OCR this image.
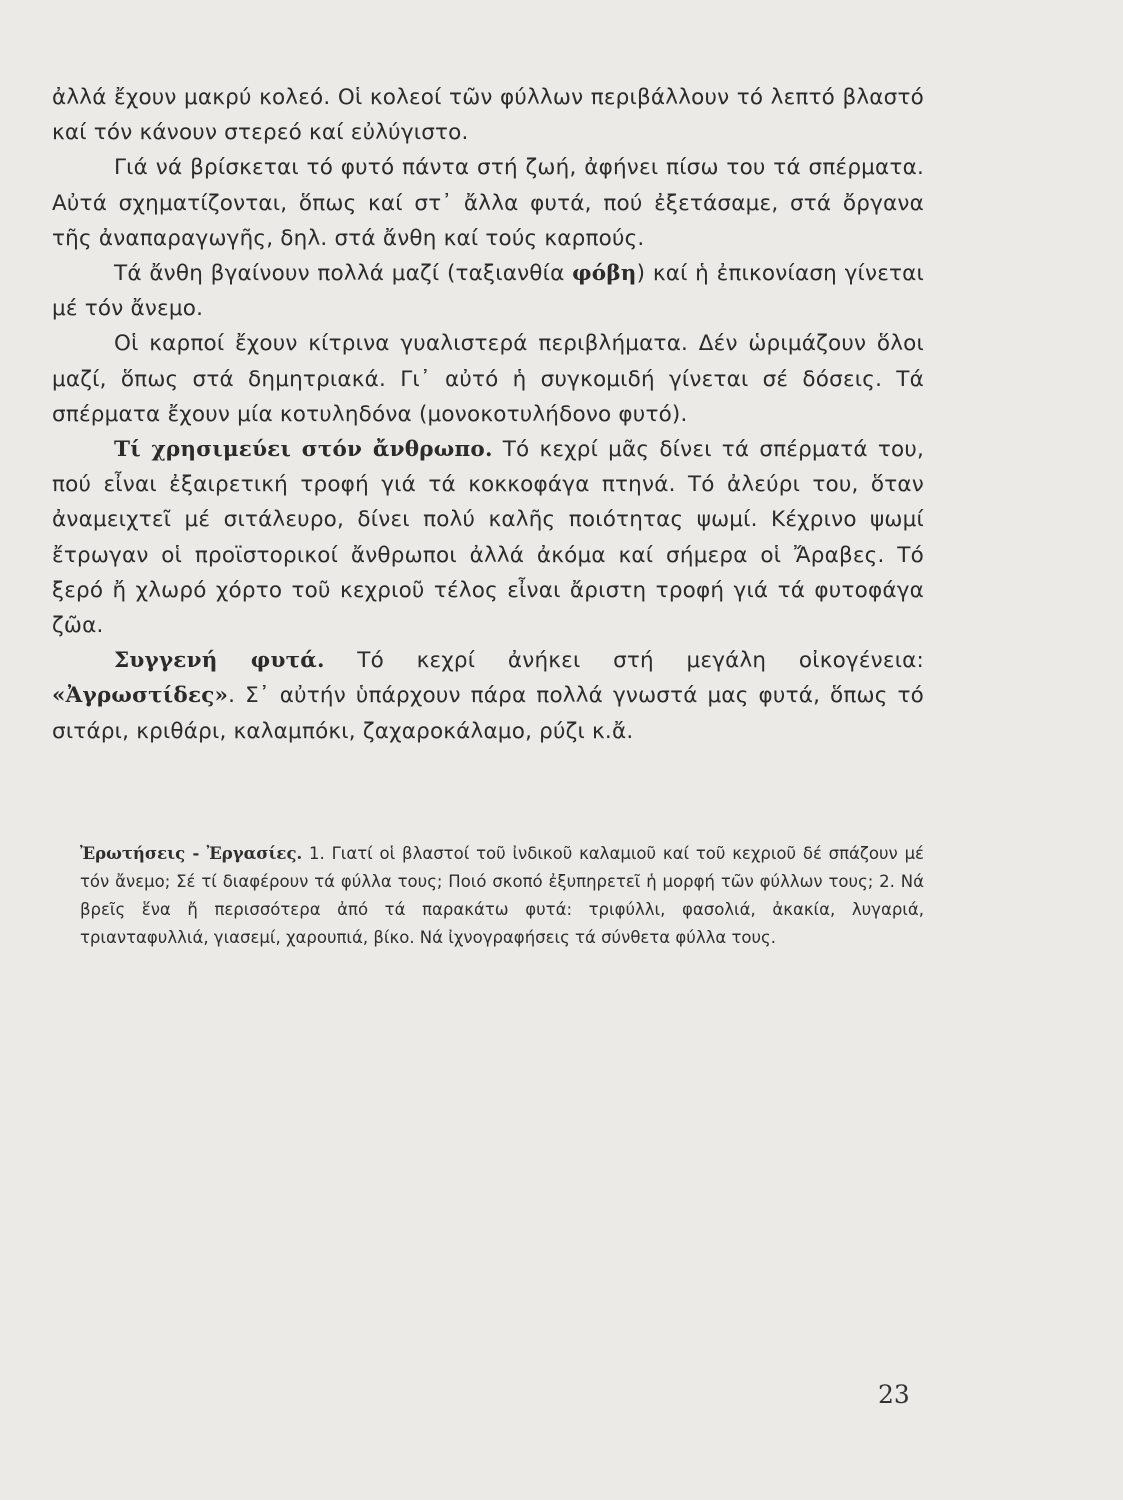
ἀλλά ἔχουν μακρύ κολεό. Οἱ κολεοί τῶν φύλλων περιβάλλουν τό λεπτό βλαστό καί τόν κάνουν στερεό καί εὐλύγιστο.

Γιά νά βρίσκεται τό φυτό πάντα στή ζωή, ἀφήνει πίσω του τά σπέρματα. Αὐτά σχηματίζονται, ὅπως καί στ᾽ ἄλλα φυτά, πού ἐξετάσαμε, στά ὄργανα τῆς ἀναπαραγωγῆς, δηλ. στά ἄνθη καί τούς καρπούς.

Τά ἄνθη βγαίνουν πολλά μαζί (ταξιανθία φόβη) καί ἡ ἐπικονίαση γίνεται μέ τόν ἄνεμο.

Οἱ καρποί ἔχουν κίτρινα γυαλιστερά περιβλήματα. Δέν ὡριμάζουν ὅλοι μαζί, ὅπως στά δημητριακά. Γι᾽ αὐτό ἡ συγκομιδή γίνεται σέ δόσεις. Τά σπέρματα ἔχουν μία κοτυληδόνα (μονοκοτυλήδονο φυτό).

Τί χρησιμεύει στόν ἄνθρωπο. Τό κεχρί μᾶς δίνει τά σπέρματά του, πού εἶναι ἐξαιρετική τροφή γιά τά κοκκοφάγα πτηνά. Τό ἀλεύρι του, ὅταν ἀναμειχτεῖ μέ σιτάλευρο, δίνει πολύ καλῆς ποιότητας ψωμί. Κέχρινο ψωμί ἔτρωγαν οἱ προϊστορικοί ἄνθρωποι ἀλλά ἀκόμα καί σήμερα οἱ Ἄραβες. Τό ξερό ἤ χλωρό χόρτο τοῦ κεχριοῦ τέλος εἶναι ἄριστη τροφή γιά τά φυτοφάγα ζῶα.

Συγγενή φυτά. Τό κεχρί ἀνήκει στή μεγάλη οἰκογένεια: «Ἀγρωστίδες». Σ᾽ αὐτήν ὑπάρχουν πάρα πολλά γνωστά μας φυτά, ὅπως τό σιτάρι, κριθάρι, καλαμπόκι, ζαχαροκάλαμο, ρύζι κ.ἄ.

Ἐρωτήσεις - Ἐργασίες. 1. Γιατί οἱ βλαστοί τοῦ ἰνδικοῦ καλαμιοῦ καί τοῦ κεχριοῦ δέ σπάζουν μέ τόν ἄνεμο; Σέ τί διαφέρουν τά φύλλα τους; Ποιό σκοπό ἐξυπηρετεῖ ἡ μορφή τῶν φύλλων τους; 2. Νά βρεῖς ἕνα ἤ περισσότερα ἀπό τά παρακάτω φυτά: τριφύλλι, φασολιά, ἀκακία, λυγαριά, τριανταφυλλιά, γιασεμί, χαρουπιά, βίκο. Νά ἰχνογραφήσεις τά σύνθετα φύλλα τους.
23
